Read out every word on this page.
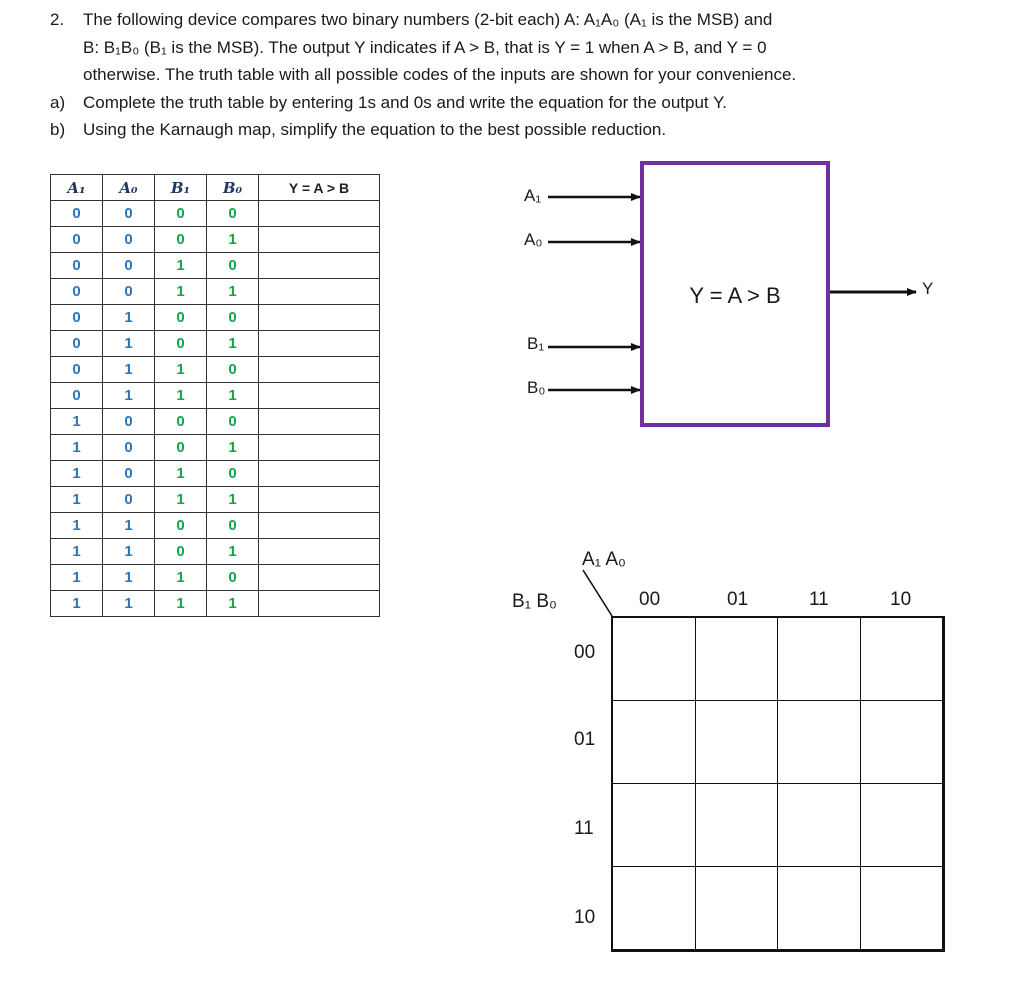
2.	The following device compares two binary numbers (2-bit each) A: A₁A₀ (A₁ is the MSB) and
B: B₁B₀ (B₁ is the MSB). The output Y indicates if A > B, that is Y = 1 when A > B, and Y = 0
otherwise. The truth table with all possible codes of the inputs are shown for your convenience.
a)	Complete the truth table by entering 1s and 0s and write the equation for the output Y.
b)	Using the Karnaugh map, simplify the equation to the best possible reduction.
A₁	A₀	B₁	B₀	Y = A > B
0	0	0	0	
0	0	0	1	
0	0	1	0	
0	0	1	1	
0	1	0	0	
0	1	0	1	
0	1	1	0	
0	1	1	1	
1	0	0	0	
1	0	0	1	
1	0	1	0	
1	0	1	1	
1	1	0	0	
1	1	0	1	
1	1	1	0	
1	1	1	1	
A₁
A₀
B₁
B₀
Y = A > B	Y
A₁ A₀
B₁ B₀	00	01	11	10
00
01
11
10
